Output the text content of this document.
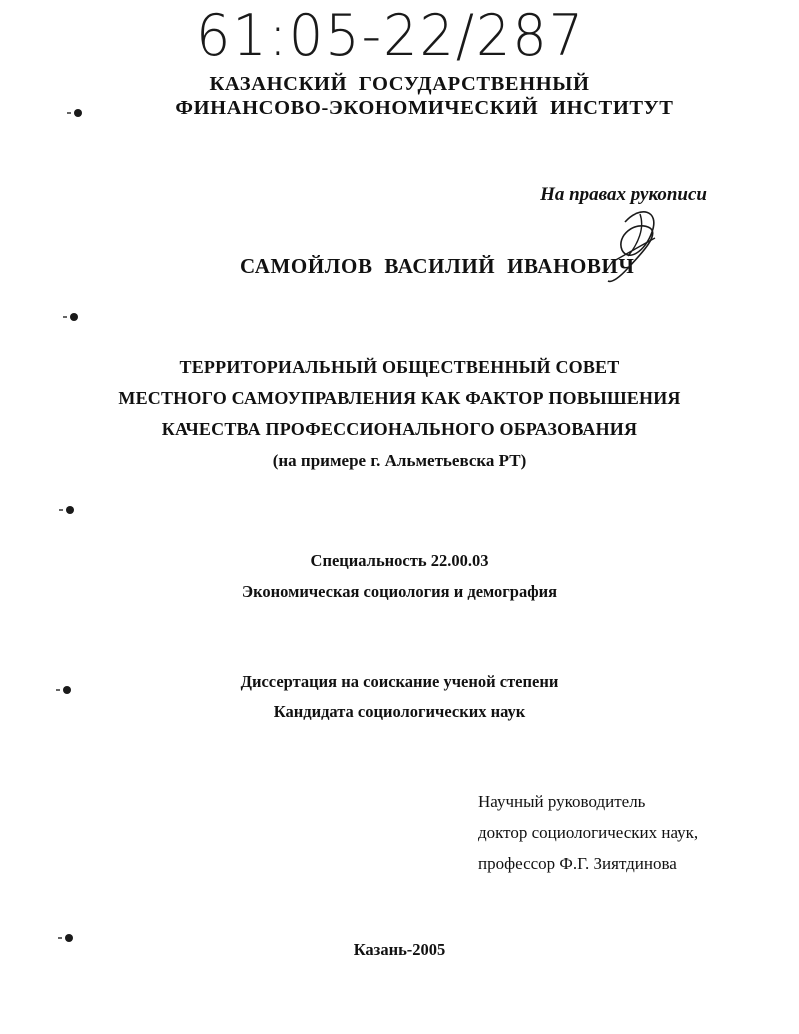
61:05-22/287
КАЗАНСКИЙ ГОСУДАРСТВЕННЫЙ
ФИНАНСОВО-ЭКОНОМИЧЕСКИЙ ИНСТИТУТ
На правах рукописи
САМОЙЛОВ ВАСИЛИЙ ИВАНОВИЧ
ТЕРРИТОРИАЛЬНЫЙ ОБЩЕСТВЕННЫЙ СОВЕТ
МЕСТНОГО САМОУПРАВЛЕНИЯ КАК ФАКТОР ПОВЫШЕНИЯ
КАЧЕСТВА ПРОФЕССИОНАЛЬНОГО ОБРАЗОВАНИЯ
(на примере г. Альметьевска РТ)
Специальность 22.00.03
Экономическая социология и демография
Диссертация на соискание ученой степени
Кандидата социологических наук
Научный руководитель
доктор социологических наук,
профессор Ф.Г. Зиятдинова
Казань-2005
